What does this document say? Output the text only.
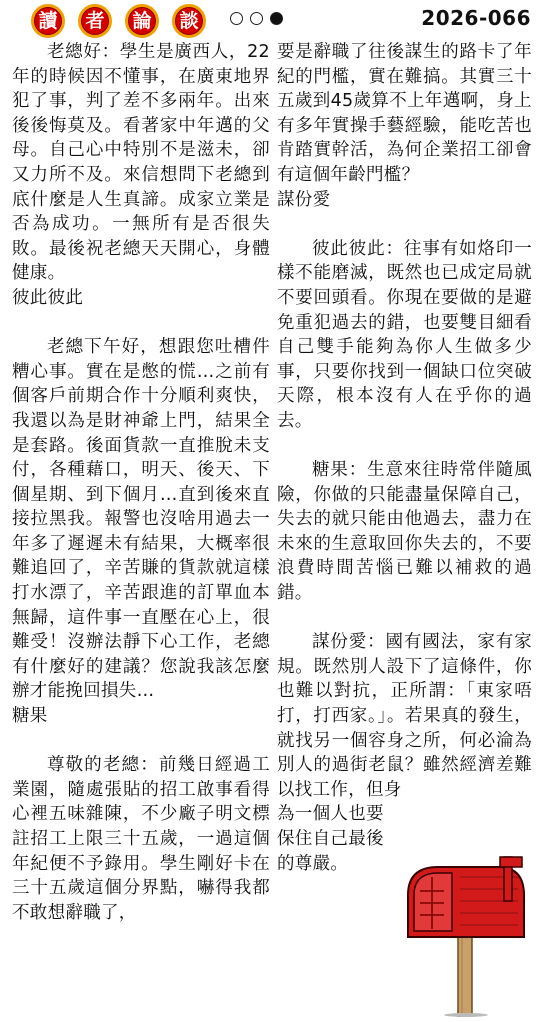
讀	者	論	談	2026-066

老總好：學生是廣西人，22年的時候因不懂事，在廣東地界犯了事，判了差不多兩年。出來後後悔莫及。看著家中年邁的父母。自己心中特別不是滋未，卻又力所不及。來信想問下老總到底什麼是人生真諦。成家立業是否為成功。一無所有是否很失敗。最後祝老總天天開心，身體健康。

彼此彼此

老總下午好，想跟您吐槽件糟心事。實在是憋的慌…之前有個客戶前期合作十分順利爽快，我還以為是財神爺上門，結果全是套路。後面貨款一直推脫未支付，各種藉口，明天、後天、下個星期、到下個月…直到後來直接拉黑我。報警也沒啥用過去一年多了遲遲未有結果，大概率很難追回了，辛苦賺的貨款就這樣打水漂了，辛苦跟進的訂單血本無歸，這件事一直壓在心上，很難受！沒辦法靜下心工作，老總有什麼好的建議？您說我該怎麼辦才能挽回損失…

糖果

尊敬的老總：前幾日經過工業園，隨處張貼的招工啟事看得心裡五味雜陳，不少廠子明文標註招工上限三十五歲，一過這個年紀便不予錄用。學生剛好卡在三十五歲這個分界點，嚇得我都不敢想辭職了，

要是辭職了往後謀生的路卡了年紀的門檻，實在難搞。其實三十五歲到45歲算不上年邁啊，身上有多年實操手藝經驗，能吃苦也肯踏實幹活，為何企業招工卻會有這個年齡門檻？

謀份愛

彼此彼此：往事有如烙印一樣不能磨滅，既然也已成定局就不要回頭看。你現在要做的是避免重犯過去的錯，也要雙目細看自己雙手能夠為你人生做多少事，只要你找到一個缺口位突破天際，根本沒有人在乎你的過去。

糖果：生意來往時常伴隨風險，你做的只能盡量保障自己，失去的就只能由他過去，盡力在未來的生意取回你失去的，不要浪費時間苦惱已難以補救的過錯。

謀份愛：國有國法，家有家規。既然別人設下了這條件，你也難以對抗，正所謂：「東家唔打，打西家。」。若果真的發生，就找另一個容身之所，何必淪為別人的過街老鼠？雖然經濟差難以找工作，但身

為一個人也要

保住自己最後

的尊嚴。
